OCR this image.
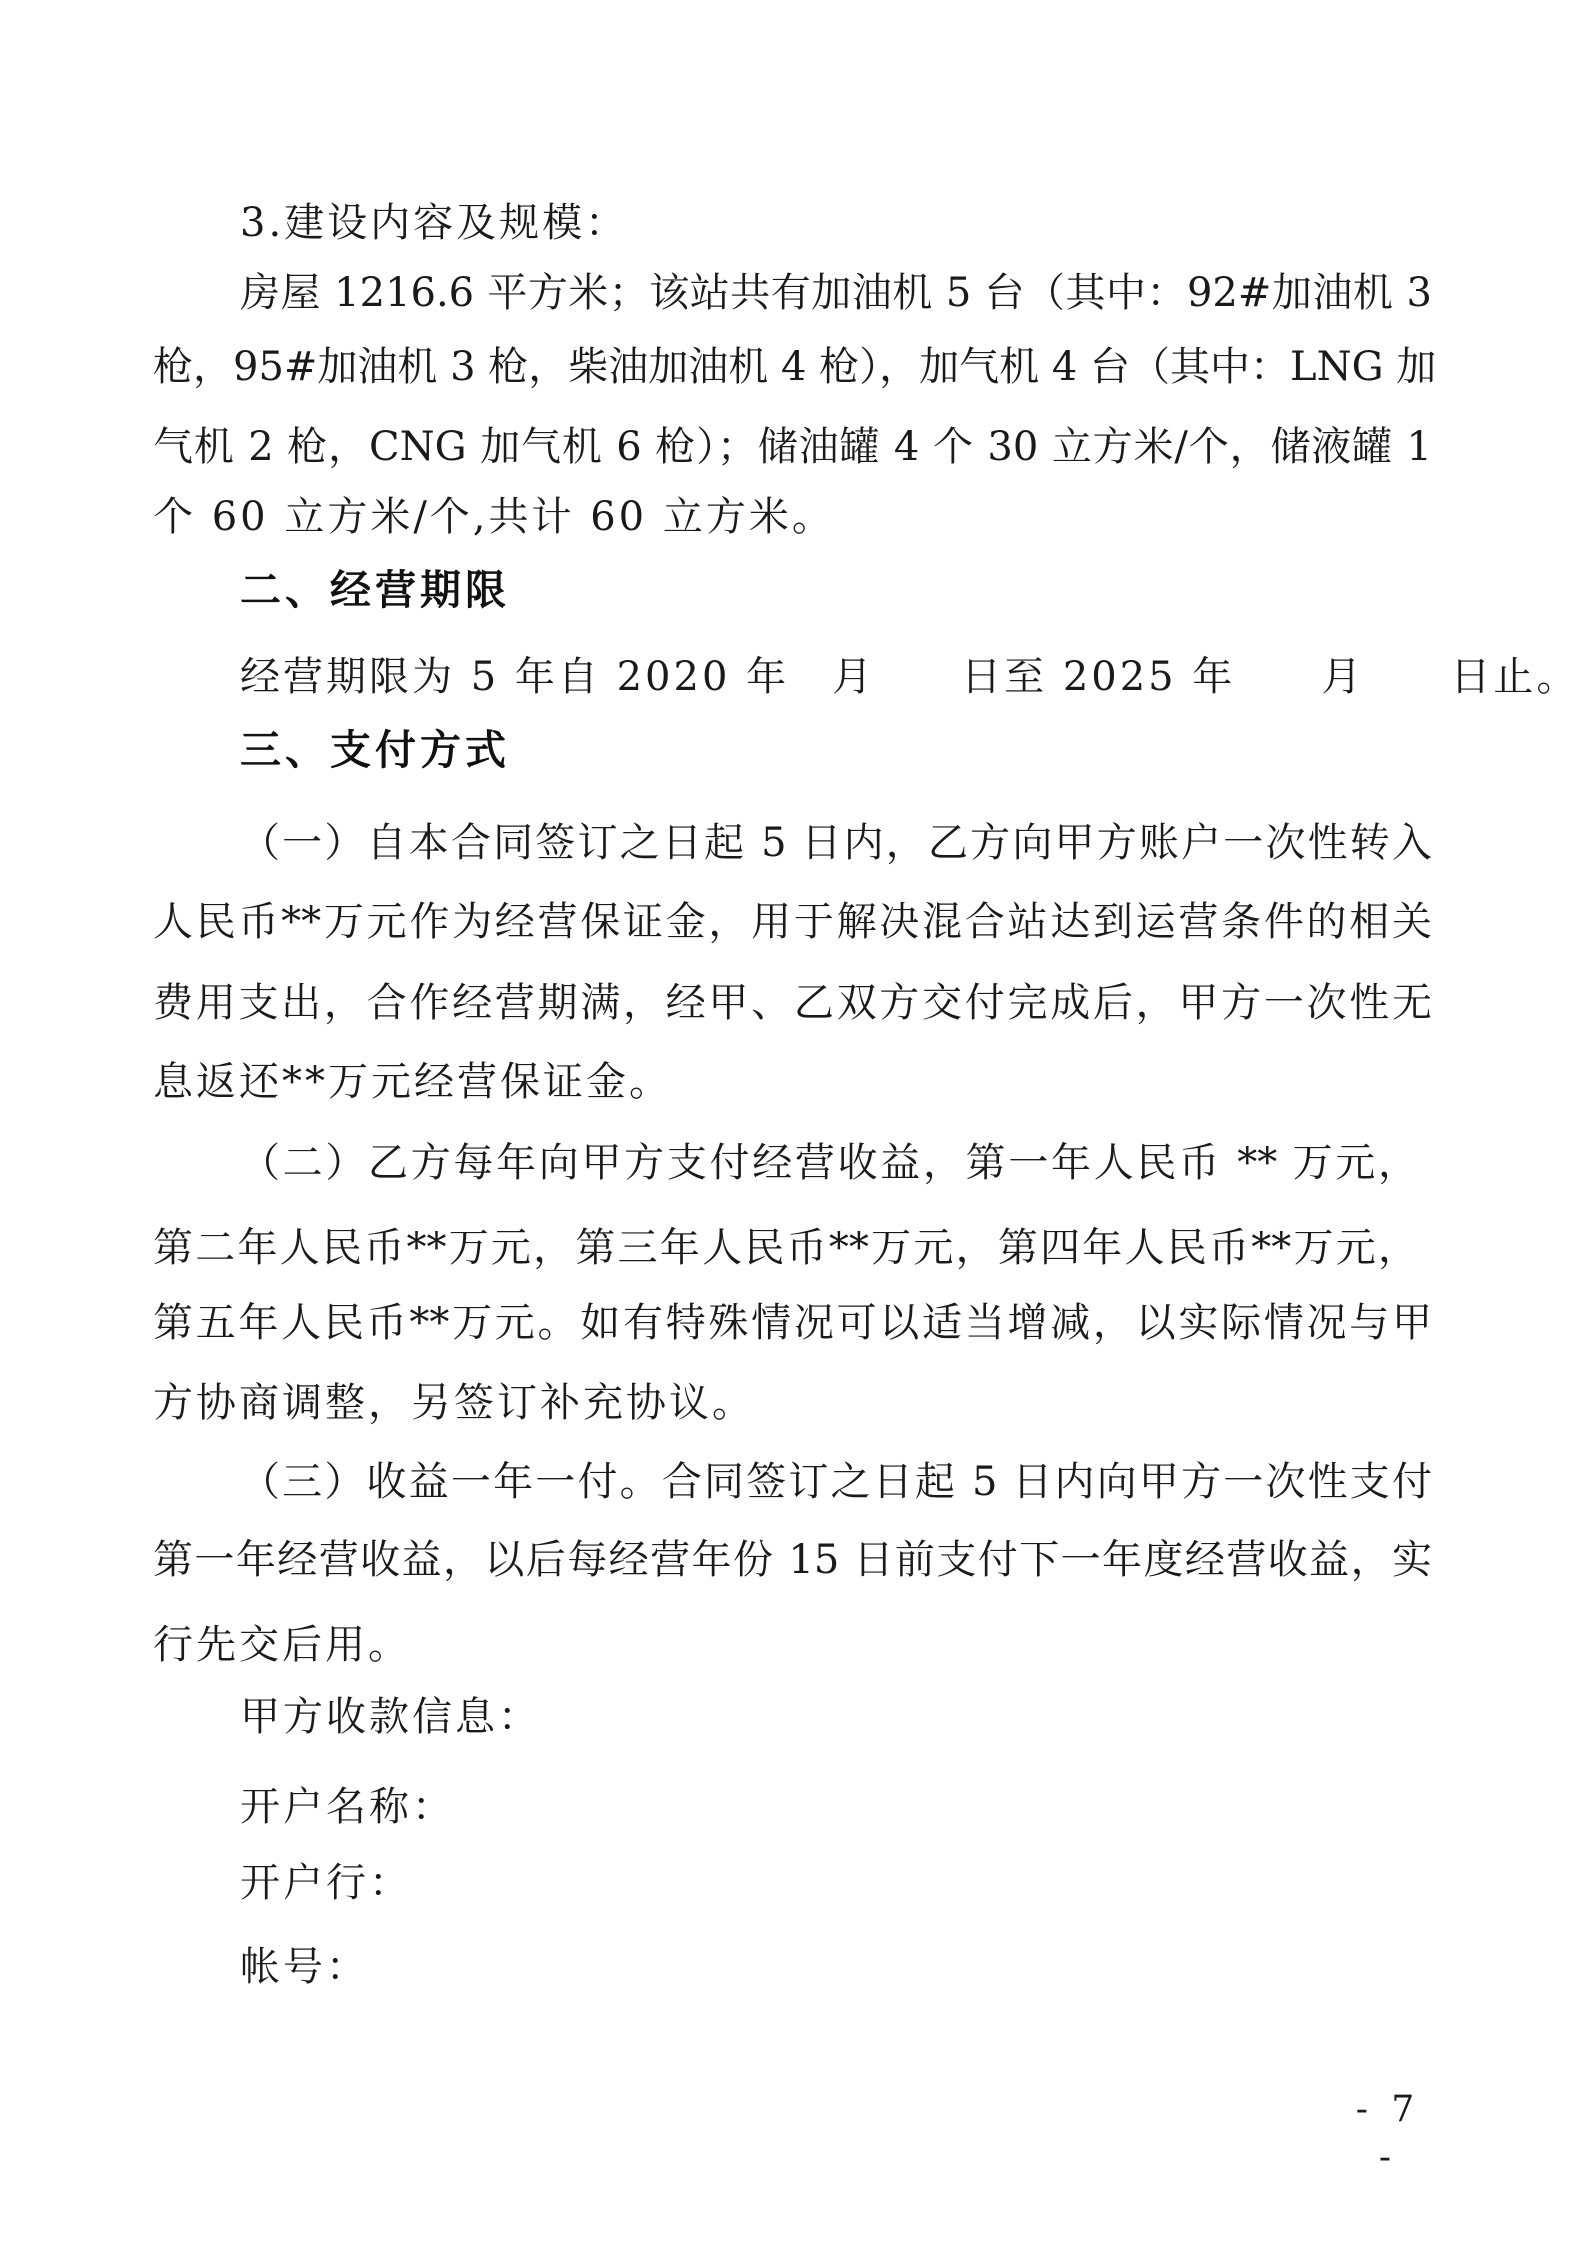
3.建设内容及规模：
房屋 1216.6 平方米；该站共有加油机 5 台（其中：92#加油机 3
枪，95#加油机 3 枪，柴油加油机 4 枪），加气机 4 台（其中：LNG 加
气机 2 枪，CNG 加气机 6 枪）；储油罐 4 个 30 立方米/个，储液罐 1
个 60 立方米/个,共计 60 立方米。
二、经营期限
经营期限为 5 年自 2020 年　月　　日至 2025 年　　月　　日止。
三、支付方式
（一）自本合同签订之日起 5 日内，乙方向甲方账户一次性转入
人民币**万元作为经营保证金，用于解决混合站达到运营条件的相关
费用支出，合作经营期满，经甲、乙双方交付完成后，甲方一次性无
息返还**万元经营保证金。
（二）乙方每年向甲方支付经营收益，第一年人民币 ** 万元，
第二年人民币**万元，第三年人民币**万元，第四年人民币**万元，
第五年人民币**万元。如有特殊情况可以适当增减，以实际情况与甲
方协商调整，另签订补充协议。
（三）收益一年一付。合同签订之日起 5 日内向甲方一次性支付
第一年经营收益，以后每经营年份 15 日前支付下一年度经营收益，实
行先交后用。
甲方收款信息：
开户名称：
开户行：
帐号：
- 7 -
